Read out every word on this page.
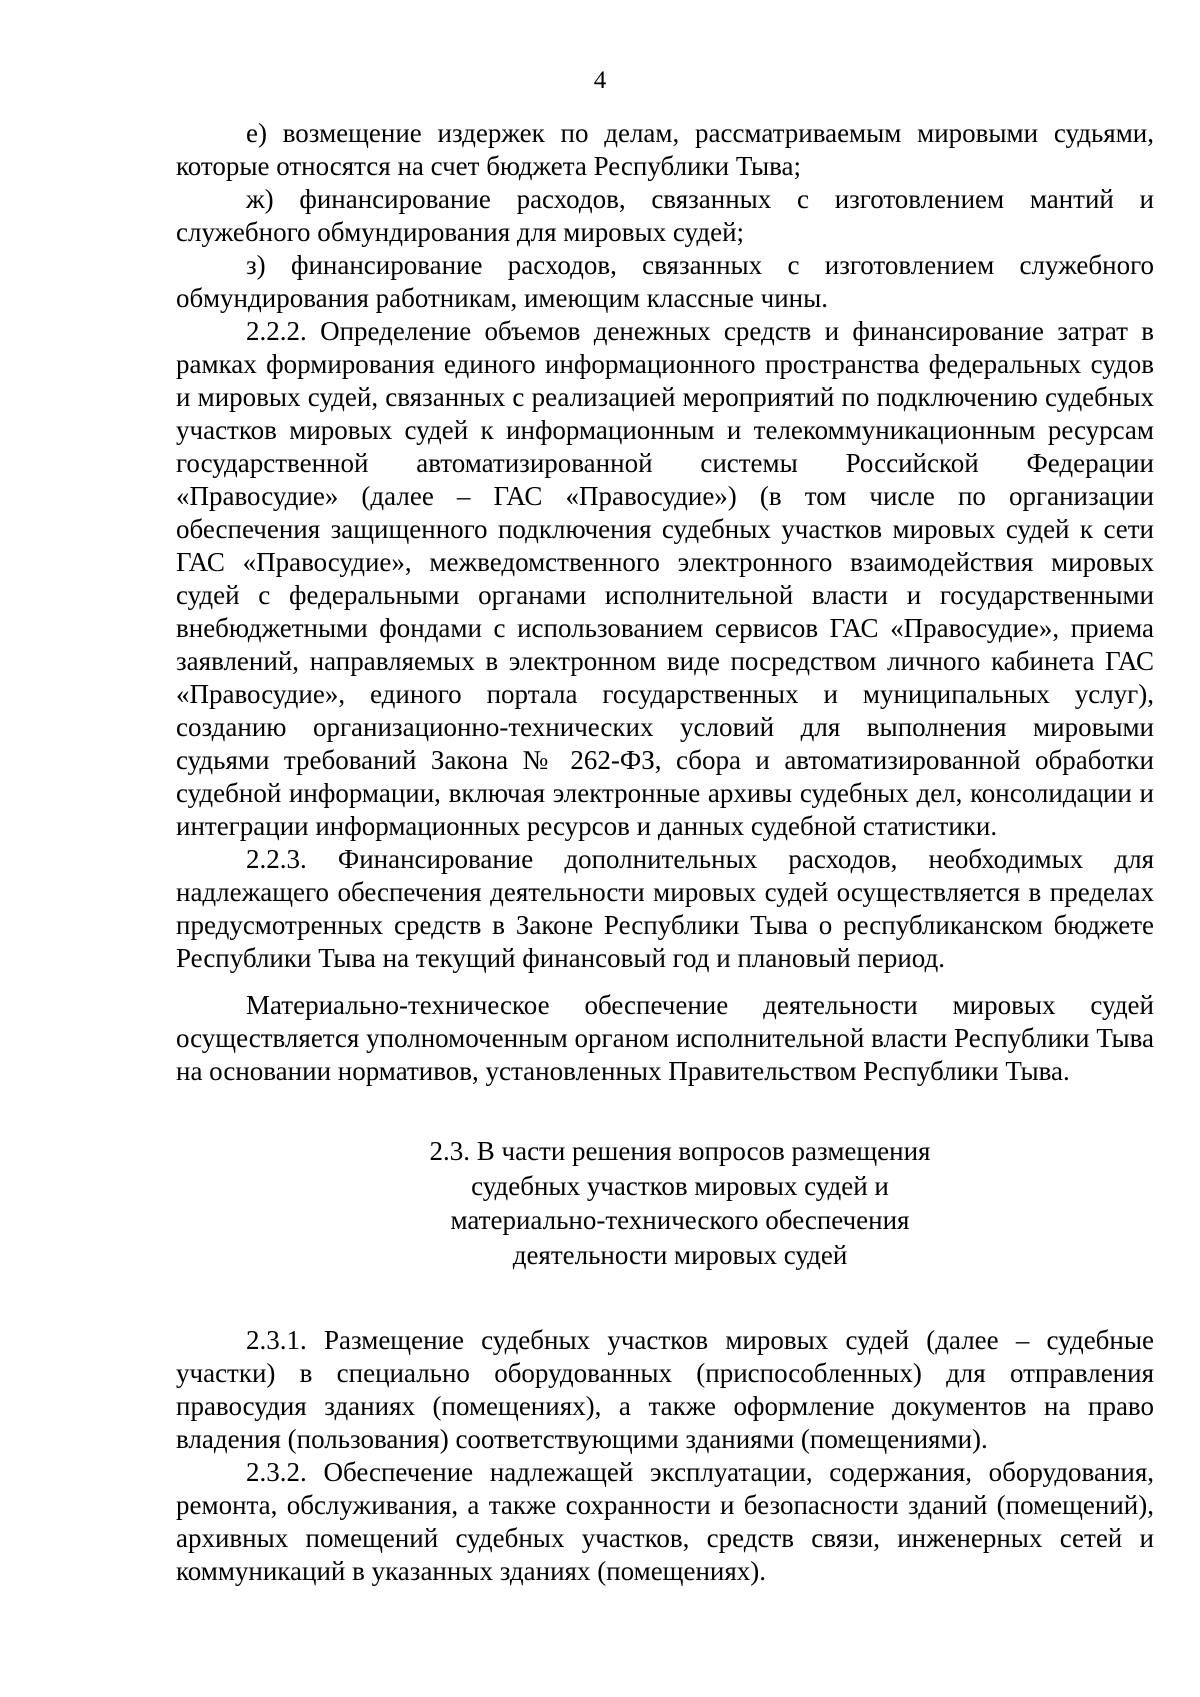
4

е) возмещение издержек по делам, рассматриваемым мировыми судьями, которые относятся на счет бюджета Республики Тыва;

ж) финансирование расходов, связанных с изготовлением мантий и служебного обмундирования для мировых судей;

з) финансирование расходов, связанных с изготовлением служебного обмундирования работникам, имеющим классные чины.

2.2.2. Определение объемов денежных средств и финансирование затрат в рамках формирования единого информационного пространства федеральных судов и мировых судей, связанных с реализацией мероприятий по подключению судебных участков мировых судей к информационным и телекоммуникационным ресурсам государственной автоматизированной системы Российской Федерации «Правосудие» (далее – ГАС «Правосудие») (в том числе по организации обеспечения защищенного подключения судебных участков мировых судей к сети ГАС «Правосудие», межведомственного электронного взаимодействия мировых судей с федеральными органами исполнительной власти и государственными внебюджетными фондами с использованием сервисов ГАС «Правосудие», приема заявлений, направляемых в электронном виде посредством личного кабинета ГАС «Правосудие», единого портала государственных и муниципальных услуг), созданию организационно-технических условий для выполнения мировыми судьями требований Закона № 262-ФЗ, сбора и автоматизированной обработки судебной информации, включая электронные архивы судебных дел, консолидации и интеграции информационных ресурсов и данных судебной статистики.

2.2.3. Финансирование дополнительных расходов, необходимых для надлежащего обеспечения деятельности мировых судей осуществляется в пределах предусмотренных средств в Законе Республики Тыва о республиканском бюджете Республики Тыва на текущий финансовый год и плановый период.

Материально-техническое обеспечение деятельности мировых судей осуществляется уполномоченным органом исполнительной власти Республики Тыва на основании нормативов, установленных Правительством Республики Тыва.

2.3. В части решения вопросов размещения
судебных участков мировых судей и
материально-технического обеспечения
деятельности мировых судей

2.3.1. Размещение судебных участков мировых судей (далее – судебные участки) в специально оборудованных (приспособленных) для отправления правосудия зданиях (помещениях), а также оформление документов на право владения (пользования) соответствующими зданиями (помещениями).

2.3.2. Обеспечение надлежащей эксплуатации, содержания, оборудования, ремонта, обслуживания, а также сохранности и безопасности зданий (помещений), архивных помещений судебных участков, средств связи, инженерных сетей и коммуникаций в указанных зданиях (помещениях).
